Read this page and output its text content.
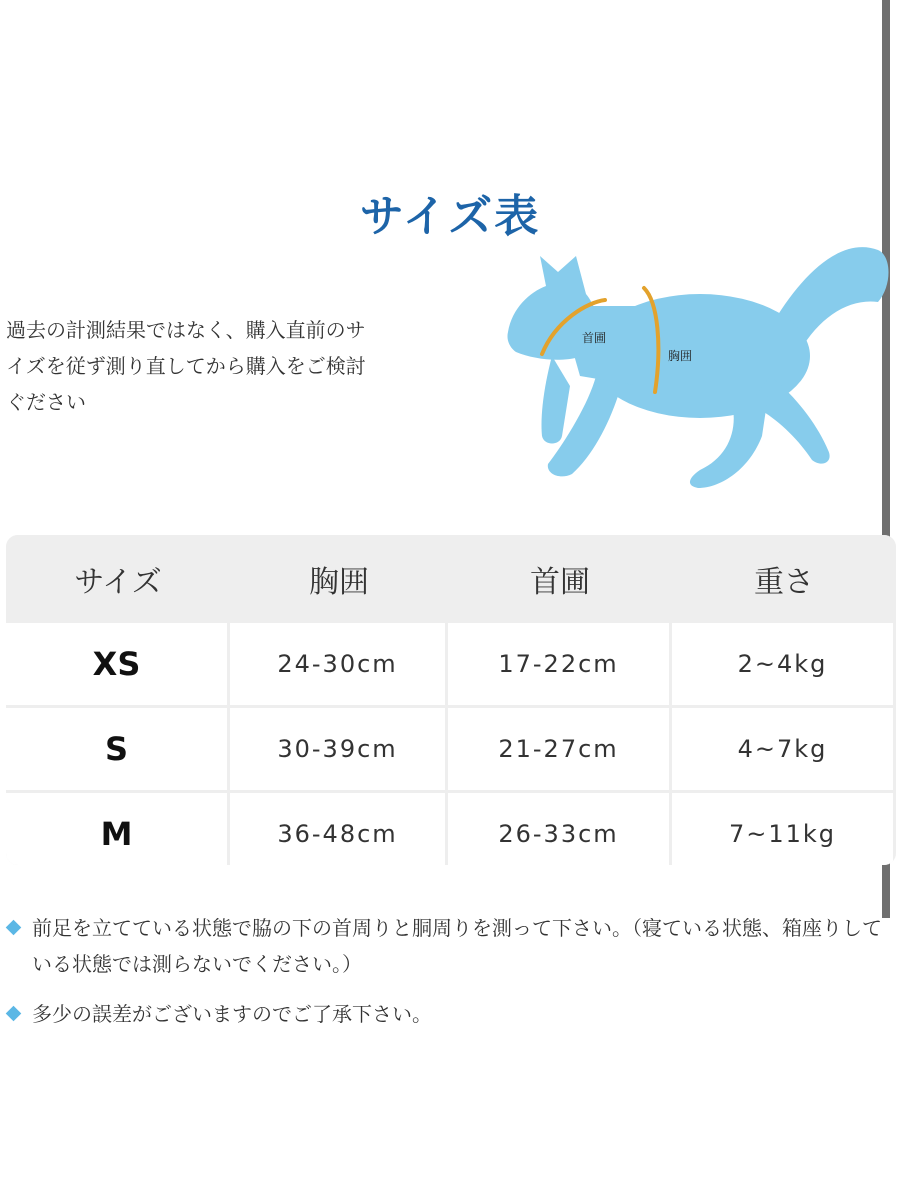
サイズ表
過去の計測結果ではなく、購入直前のサ
イズを従ず測り直してから購入をご検討
ぐださい
首圃
胸囲
サイズ	胸囲	首圃	重さ
XS	24-30cm	17-22cm	2~4kg
S	30-39cm	21-27cm	4~7kg
M	36-48cm	26-33cm	7~11kg
前足を立てている状態で脇の下の首周りと胴周りを測って下さい。（寝ている状態、箱座りしている状態では測らないでください。）
多少の誤差がございますのでご了承下さい。
